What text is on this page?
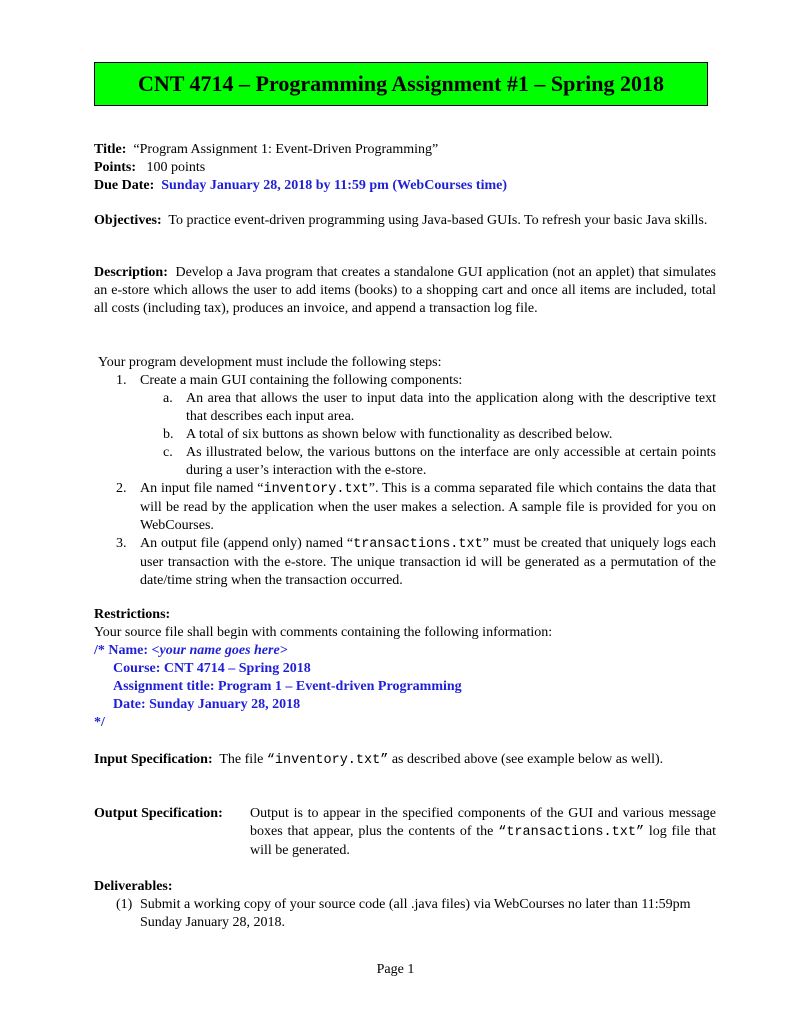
CNT 4714 – Programming Assignment #1 – Spring 2018
Title: “Program Assignment 1: Event-Driven Programming”
Points: 100 points
Due Date: Sunday January 28, 2018 by 11:59 pm (WebCourses time)
Objectives: To practice event-driven programming using Java-based GUIs. To refresh your basic Java skills.
Description: Develop a Java program that creates a standalone GUI application (not an applet) that simulates an e-store which allows the user to add items (books) to a shopping cart and once all items are included, total all costs (including tax), produces an invoice, and append a transaction log file.
Your program development must include the following steps:
1. Create a main GUI containing the following components:
a. An area that allows the user to input data into the application along with the descriptive text that describes each input area.
b. A total of six buttons as shown below with functionality as described below.
c. As illustrated below, the various buttons on the interface are only accessible at certain points during a user’s interaction with the e-store.
2. An input file named “inventory.txt”. This is a comma separated file which contains the data that will be read by the application when the user makes a selection. A sample file is provided for you on WebCourses.
3. An output file (append only) named “transactions.txt” must be created that uniquely logs each user transaction with the e-store. The unique transaction id will be generated as a permutation of the date/time string when the transaction occurred.
Restrictions:
Your source file shall begin with comments containing the following information:
/* Name: <your name goes here>
Course: CNT 4714 – Spring 2018
Assignment title: Program 1 – Event-driven Programming
Date: Sunday January 28, 2018
*/
Input Specification: The file “inventory.txt” as described above (see example below as well).
Output Specification: Output is to appear in the specified components of the GUI and various message boxes that appear, plus the contents of the “transactions.txt” log file that will be generated.
Deliverables:
(1) Submit a working copy of your source code (all .java files) via WebCourses no later than 11:59pm Sunday January 28, 2018.
Page 1
